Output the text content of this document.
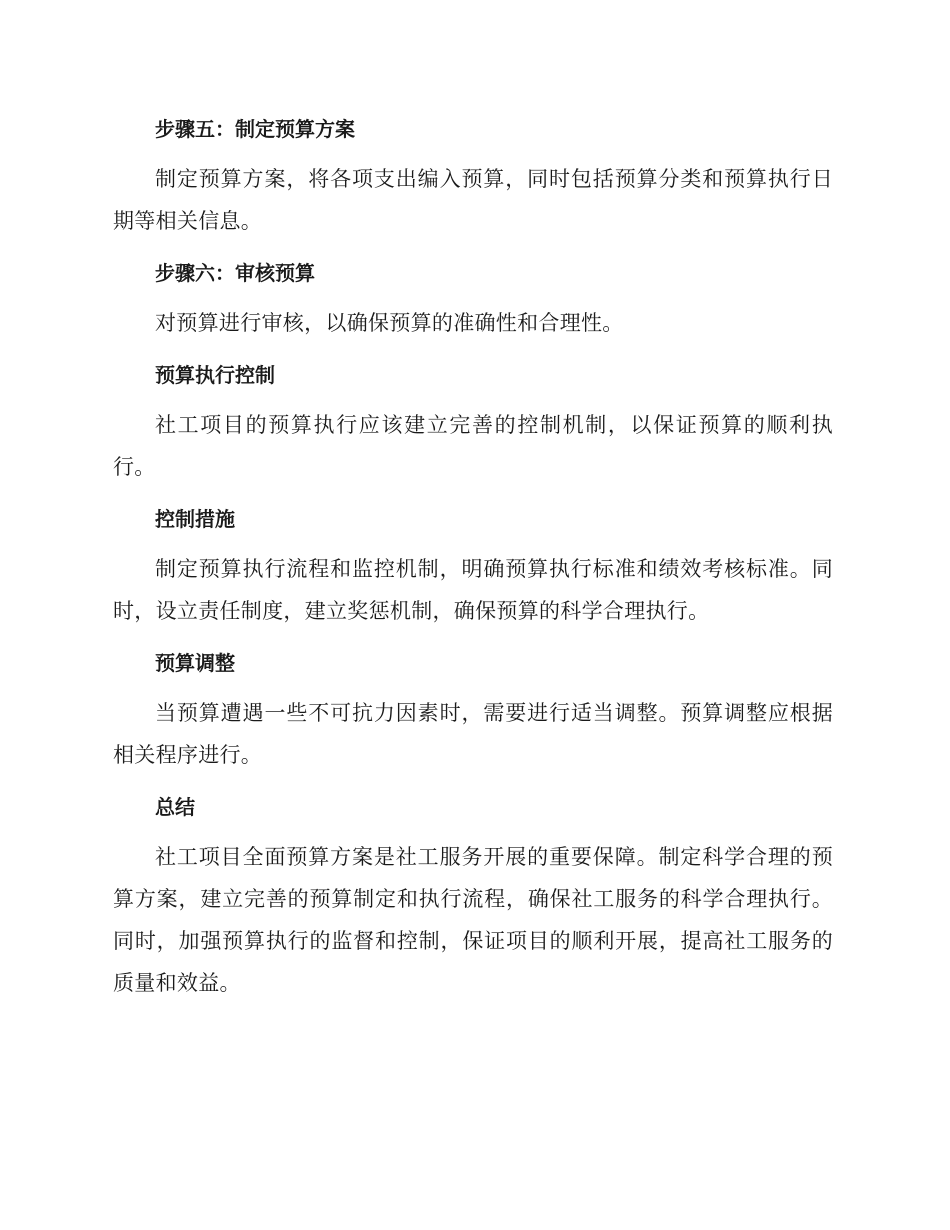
步骤五：制定预算方案
制定预算方案，将各项支出编入预算，同时包括预算分类和预算执行日期等相关信息。
步骤六：审核预算
对预算进行审核，以确保预算的准确性和合理性。
预算执行控制
社工项目的预算执行应该建立完善的控制机制，以保证预算的顺利执行。
控制措施
制定预算执行流程和监控机制，明确预算执行标准和绩效考核标准。同时，设立责任制度，建立奖惩机制，确保预算的科学合理执行。
预算调整
当预算遭遇一些不可抗力因素时，需要进行适当调整。预算调整应根据相关程序进行。
总结
社工项目全面预算方案是社工服务开展的重要保障。制定科学合理的预算方案，建立完善的预算制定和执行流程，确保社工服务的科学合理执行。同时，加强预算执行的监督和控制，保证项目的顺利开展，提高社工服务的质量和效益。
